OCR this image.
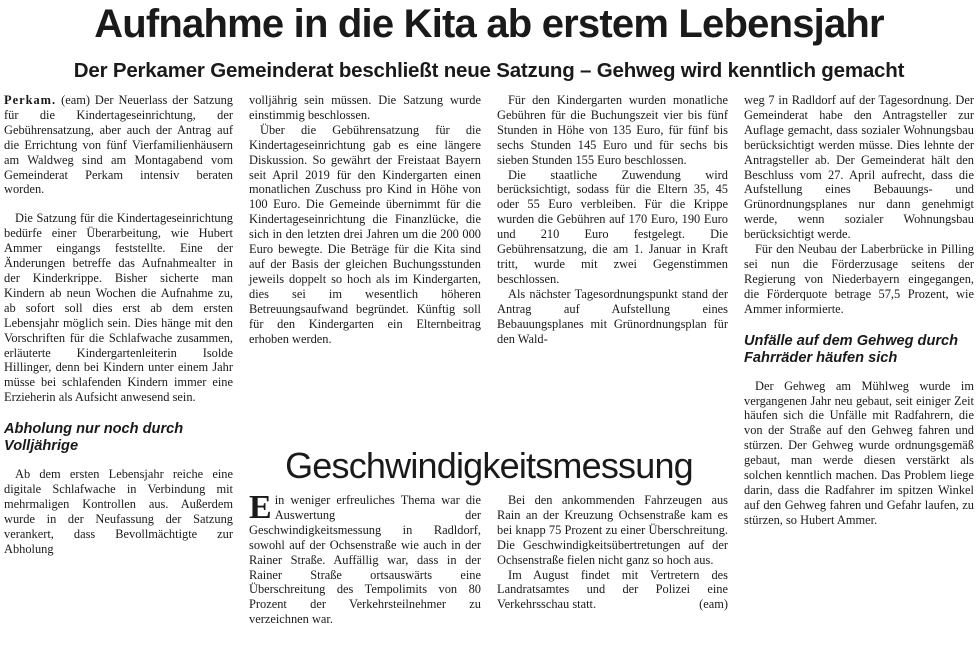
Aufnahme in die Kita ab erstem Lebensjahr
Der Perkamer Gemeinderat beschließt neue Satzung – Gehweg wird kenntlich gemacht

Perkam. (eam) Der Neuerlass der Satzung für die Kindertageseinrichtung, der Gebührensatzung, aber auch der Antrag auf die Errichtung von fünf Vierfamilienhäusern am Waldweg sind am Montagabend vom Gemeinderat Perkam intensiv beraten worden.

Die Satzung für die Kindertageseinrichtung bedürfe einer Überarbeitung, wie Hubert Ammer eingangs feststellte. Eine der Änderungen betreffe das Aufnahmealter in der Kinderkrippe. Bisher sicherte man Kindern ab neun Wochen die Aufnahme zu, ab sofort soll dies erst ab dem ersten Lebensjahr möglich sein. Dies hänge mit den Vorschriften für die Schlafwache zusammen, erläuterte Kindergartenleiterin Isolde Hillinger, denn bei Kindern unter einem Jahr müsse bei schlafenden Kindern immer eine Erzieherin als Aufsicht anwesend sein.

Abholung nur noch durch Volljährige

Ab dem ersten Lebensjahr reiche eine digitale Schlafwache in Verbindung mit mehrmaligen Kontrollen aus. Außerdem wurde in der Neufassung der Satzung verankert, dass Bevollmächtigte zur Abholung

volljährig sein müssen. Die Satzung wurde einstimmig beschlossen.

Über die Gebührensatzung für die Kindertageseinrichtung gab es eine längere Diskussion. So gewährt der Freistaat Bayern seit April 2019 für den Kindergarten einen monatlichen Zuschuss pro Kind in Höhe von 100 Euro. Die Gemeinde übernimmt für die Kindertageseinrichtung die Finanzlücke, die sich in den letzten drei Jahren um die 200 000 Euro bewegte. Die Beträge für die Kita sind auf der Basis der gleichen Buchungsstunden jeweils doppelt so hoch als im Kindergarten, dies sei im wesentlich höheren Betreuungsaufwand begründet. Künftig soll für den Kindergarten ein Elternbeitrag erhoben werden.

Für den Kindergarten wurden monatliche Gebühren für die Buchungszeit vier bis fünf Stunden in Höhe von 135 Euro, für fünf bis sechs Stunden 145 Euro und für sechs bis sieben Stunden 155 Euro beschlossen.

Die staatliche Zuwendung wird berücksichtigt, sodass für die Eltern 35, 45 oder 55 Euro verbleiben. Für die Krippe wurden die Gebühren auf 170 Euro, 190 Euro und 210 Euro festgelegt. Die Gebührensatzung, die am 1. Januar in Kraft tritt, wurde mit zwei Gegenstimmen beschlossen.

Als nächster Tagesordnungspunkt stand der Antrag auf Aufstellung eines Bebauungsplanes mit Grünordnungsplan für den Wald-

weg 7 in Radldorf auf der Tagesordnung. Der Gemeinderat habe den Antragsteller zur Auflage gemacht, dass sozialer Wohnungsbau berücksichtigt werden müsse. Dies lehnte der Antragsteller ab. Der Gemeinderat hält den Beschluss vom 27. April aufrecht, dass die Aufstellung eines Bebauungs- und Grünordnungsplanes nur dann genehmigt werde, wenn sozialer Wohnungsbau berücksichtigt werde.

Für den Neubau der Laberbrücke in Pilling sei nun die Förderzusage seitens der Regierung von Niederbayern eingegangen, die Förderquote betrage 57,5 Prozent, wie Ammer informierte.

Unfälle auf dem Gehweg durch Fahrräder häufen sich

Der Gehweg am Mühlweg wurde im vergangenen Jahr neu gebaut, seit einiger Zeit häufen sich die Unfälle mit Radfahrern, die von der Straße auf den Gehweg fahren und stürzen. Der Gehweg wurde ordnungsgemäß gebaut, man werde diesen verstärkt als solchen kenntlich machen. Das Problem liege darin, dass die Radfahrer im spitzen Winkel auf den Gehweg fahren und Gefahr laufen, zu stürzen, so Hubert Ammer.

Geschwindigkeitsmessung

Ein weniger erfreuliches Thema war die Auswertung der Geschwindigkeitsmessung in Radldorf, sowohl auf der Ochsenstraße wie auch in der Rainer Straße. Auffällig war, dass in der Rainer Straße ortsauswärts eine Überschreitung des Tempolimits von 80 Prozent der Verkehrsteilnehmer zu verzeichnen war.

Bei den ankommenden Fahrzeugen aus Rain an der Kreuzung Ochsenstraße kam es bei knapp 75 Prozent zu einer Überschreitung. Die Geschwindigkeitsübertretungen auf der Ochsenstraße fielen nicht ganz so hoch aus.

Im August findet mit Vertretern des Landratsamtes und der Polizei eine Verkehrsschau statt.	(eam)
